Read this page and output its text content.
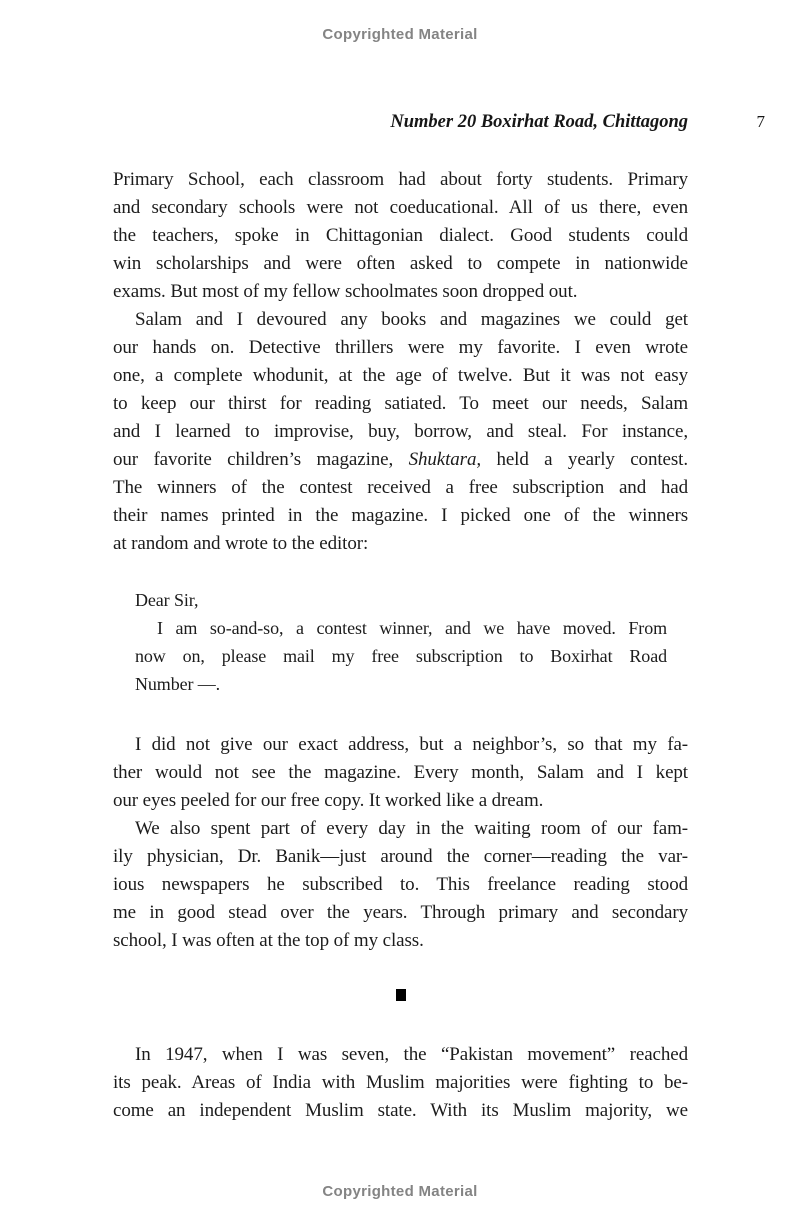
Copyrighted Material
Number 20 Boxirhat Road, Chittagong	7
Primary School, each classroom had about forty students. Primary
and secondary schools were not coeducational. All of us there, even
the teachers, spoke in Chittagonian dialect. Good students could
win scholarships and were often asked to compete in nationwide
exams. But most of my fellow schoolmates soon dropped out.
Salam and I devoured any books and magazines we could get
our hands on. Detective thrillers were my favorite. I even wrote
one, a complete whodunit, at the age of twelve. But it was not easy
to keep our thirst for reading satiated. To meet our needs, Salam
and I learned to improvise, buy, borrow, and steal. For instance,
our favorite children’s magazine, Shuktara, held a yearly contest.
The winners of the contest received a free subscription and had
their names printed in the magazine. I picked one of the winners
at random and wrote to the editor:
Dear Sir,
I am so-and-so, a contest winner, and we have moved. From
now on, please mail my free subscription to Boxirhat Road
Number —.
I did not give our exact address, but a neighbor’s, so that my fa-
ther would not see the magazine. Every month, Salam and I kept
our eyes peeled for our free copy. It worked like a dream.
We also spent part of every day in the waiting room of our fam-
ily physician, Dr. Banik—just around the corner—reading the var-
ious newspapers he subscribed to. This freelance reading stood
me in good stead over the years. Through primary and secondary
school, I was often at the top of my class.
In 1947, when I was seven, the “Pakistan movement” reached
its peak. Areas of India with Muslim majorities were fighting to be-
come an independent Muslim state. With its Muslim majority, we
Copyrighted Material
